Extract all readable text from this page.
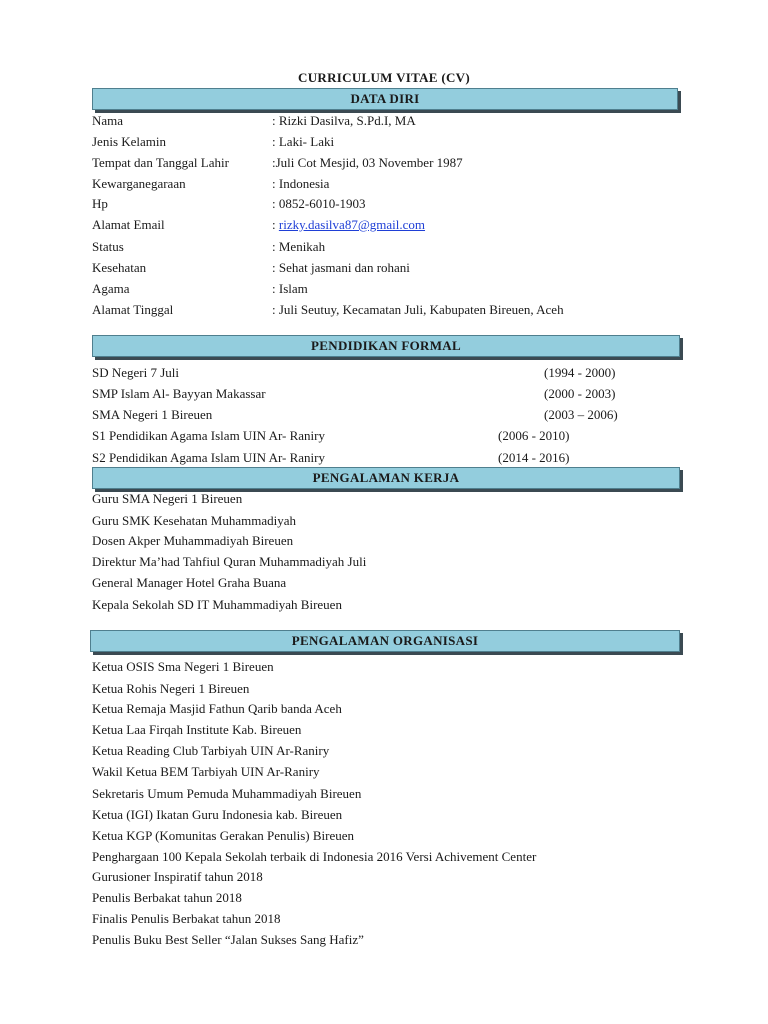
CURRICULUM VITAE (CV)
DATA DIRI
Nama	: Rizki Dasilva, S.Pd.I, MA
Jenis Kelamin	: Laki- Laki
Tempat dan Tanggal Lahir	:Juli Cot Mesjid, 03 November 1987
Kewarganegaraan	: Indonesia
Hp	: 0852-6010-1903
Alamat Email	: rizky.dasilva87@gmail.com
Status	: Menikah
Kesehatan	: Sehat jasmani dan rohani
Agama	: Islam
Alamat Tinggal	: Juli Seutuy, Kecamatan Juli, Kabupaten Bireuen, Aceh
PENDIDIKAN FORMAL
SD Negeri 7 Juli	(1994 - 2000)
SMP Islam Al- Bayyan Makassar	(2000 - 2003)
SMA Negeri 1 Bireuen	(2003 – 2006)
S1 Pendidikan Agama Islam UIN Ar- Raniry	(2006 - 2010)
S2 Pendidikan Agama Islam UIN Ar- Raniry	(2014 - 2016)
PENGALAMAN KERJA
Guru SMA Negeri 1 Bireuen
Guru SMK Kesehatan Muhammadiyah
Dosen Akper Muhammadiyah Bireuen
Direktur Ma’had Tahfiul Quran Muhammadiyah Juli
General Manager Hotel Graha Buana
Kepala Sekolah SD IT Muhammadiyah Bireuen
PENGALAMAN ORGANISASI
Ketua OSIS Sma Negeri 1 Bireuen
Ketua Rohis Negeri 1 Bireuen
Ketua Remaja Masjid Fathun Qarib banda Aceh
Ketua Laa Firqah Institute Kab. Bireuen
Ketua Reading Club Tarbiyah UIN Ar-Raniry
Wakil Ketua BEM Tarbiyah UIN Ar-Raniry
Sekretaris Umum Pemuda Muhammadiyah Bireuen
Ketua (IGI) Ikatan Guru Indonesia kab. Bireuen
Ketua KGP (Komunitas Gerakan Penulis) Bireuen
Penghargaan 100 Kepala Sekolah terbaik di Indonesia 2016 Versi Achivement Center
Gurusioner Inspiratif tahun 2018
Penulis Berbakat tahun 2018
Finalis Penulis Berbakat tahun 2018
Penulis Buku Best Seller “Jalan Sukses Sang Hafiz”
